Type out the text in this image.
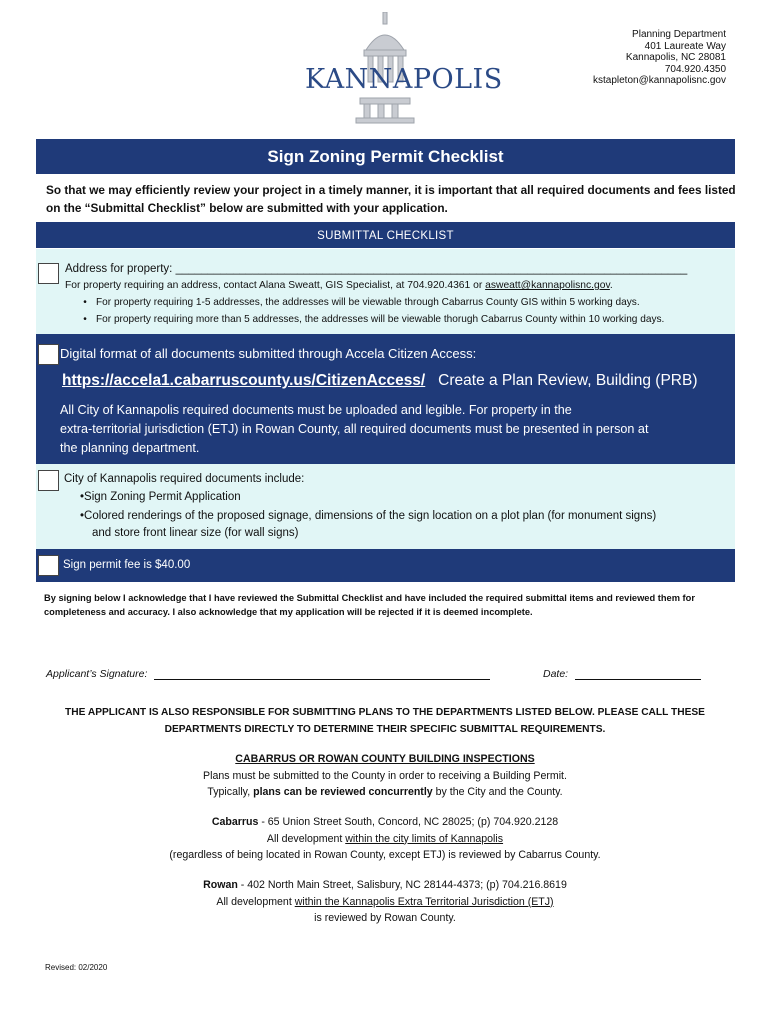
KANNAPOLIS
Planning Department
401 Laureate Way
Kannapolis, NC 28081
704.920.4350
kstapleton@kannapolisnc.gov
Sign Zoning Permit Checklist
So that we may efficiently review your project in a timely manner, it is important that all required documents and fees listed on the “Submittal Checklist” below are submitted with your application.
SUBMITTAL CHECKLIST
Address for property: ________________________________________________________________________________
For property requiring an address, contact Alana Sweatt, GIS Specialist, at 704.920.4361 or asweatt@kannapolisnc.gov.
• For property requiring 1-5 addresses, the addresses will be viewable through Cabarrus County GIS within 5 working days.
• For property requiring more than 5 addresses, the addresses will be viewable thorugh Cabarrus County within 10 working days.
Digital format of all documents submitted through Accela Citizen Access:
https://accela1.cabarruscounty.us/CitizenAccess/ Create a Plan Review, Building (PRB)
All City of Kannapolis required documents must be uploaded and legible. For property in the
extra-territorial jurisdiction (ETJ) in Rowan County, all required documents must be presented in person at
the planning department.
City of Kannapolis required documents include:
•Sign Zoning Permit Application
•Colored renderings of the proposed signage, dimensions of the sign location on a plot plan (for monument signs)
and store front linear size (for wall signs)
Sign permit fee is $40.00
By signing below I acknowledge that I have reviewed the Submittal Checklist and have included the required submittal items and reviewed them for completeness and accuracy. I also acknowledge that my application will be rejected if it is deemed incomplete.
Applicant’s Signature:	Date:
THE APPLICANT IS ALSO RESPONSIBLE FOR SUBMITTING PLANS TO THE DEPARTMENTS LISTED BELOW. PLEASE CALL THESE
DEPARTMENTS DIRECTLY TO DETERMINE THEIR SPECIFIC SUBMITTAL REQUIREMENTS.
CABARRUS OR ROWAN COUNTY BUILDING INSPECTIONS
Plans must be submitted to the County in order to receiving a Building Permit.
Typically, plans can be reviewed concurrently by the City and the County.
Cabarrus - 65 Union Street South, Concord, NC 28025; (p) 704.920.2128
All development within the city limits of Kannapolis
(regardless of being located in Rowan County, except ETJ) is reviewed by Cabarrus County.
Rowan - 402 North Main Street, Salisbury, NC 28144-4373; (p) 704.216.8619
All development within the Kannapolis Extra Territorial Jurisdiction (ETJ)
is reviewed by Rowan County.
Revised: 02/2020
